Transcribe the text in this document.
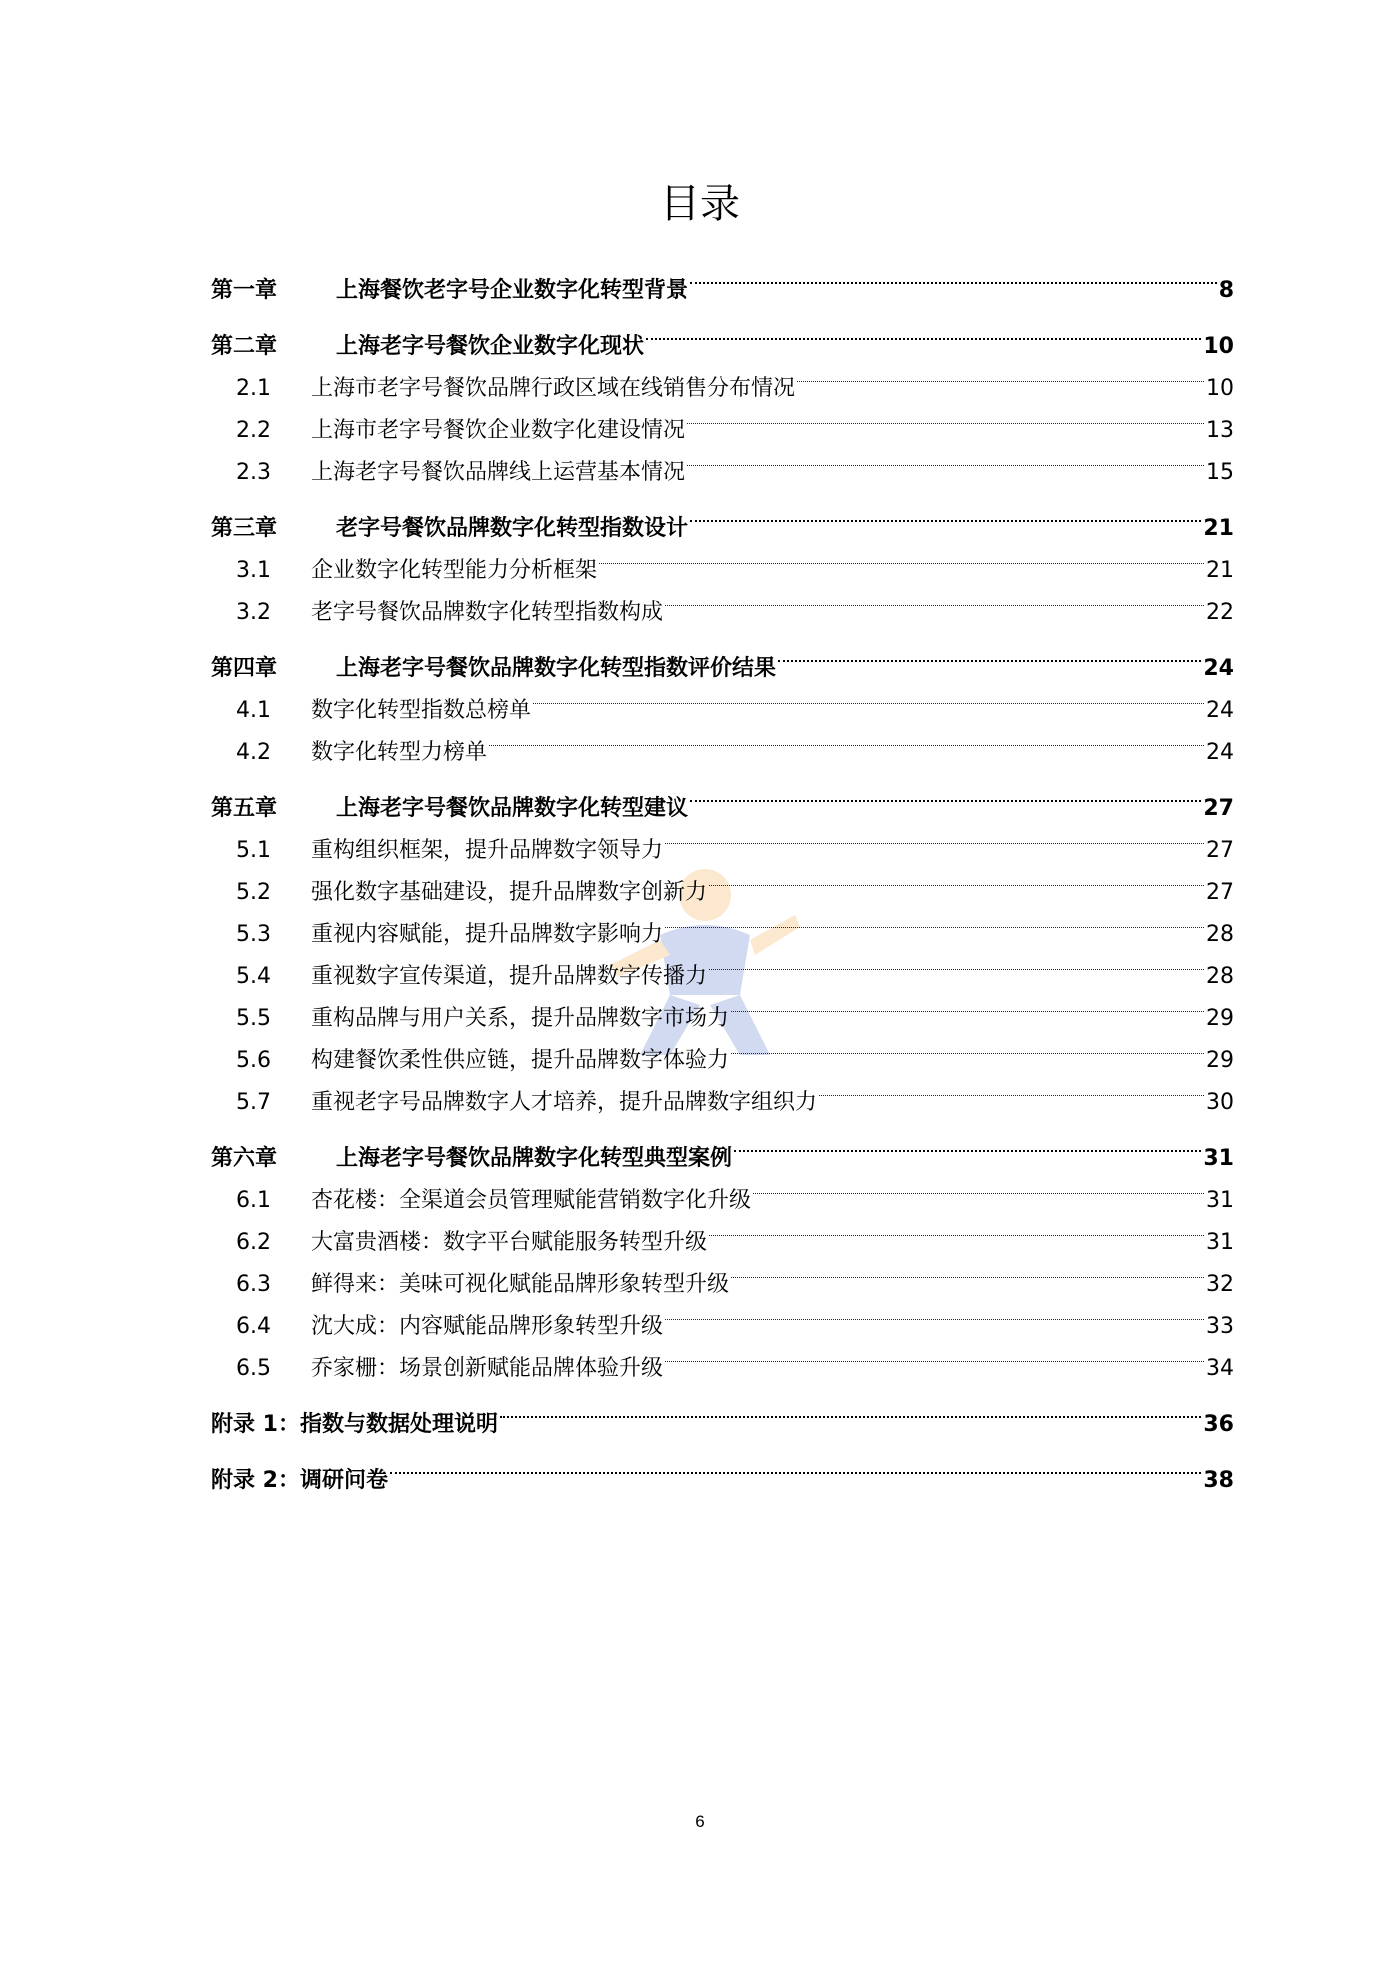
目录
第一章	上海餐饮老字号企业数字化转型背景	8
第二章	上海老字号餐饮企业数字化现状	10
2.1	上海市老字号餐饮品牌行政区域在线销售分布情况	10
2.2	上海市老字号餐饮企业数字化建设情况	13
2.3	上海老字号餐饮品牌线上运营基本情况	15
第三章	老字号餐饮品牌数字化转型指数设计	21
3.1	企业数字化转型能力分析框架	21
3.2	老字号餐饮品牌数字化转型指数构成	22
第四章	上海老字号餐饮品牌数字化转型指数评价结果	24
4.1	数字化转型指数总榜单	24
4.2	数字化转型力榜单	24
第五章	上海老字号餐饮品牌数字化转型建议	27
5.1	重构组织框架，提升品牌数字领导力	27
5.2	强化数字基础建设，提升品牌数字创新力	27
5.3	重视内容赋能，提升品牌数字影响力	28
5.4	重视数字宣传渠道，提升品牌数字传播力	28
5.5	重构品牌与用户关系，提升品牌数字市场力	29
5.6	构建餐饮柔性供应链，提升品牌数字体验力	29
5.7	重视老字号品牌数字人才培养，提升品牌数字组织力	30
第六章	上海老字号餐饮品牌数字化转型典型案例	31
6.1	杏花楼：全渠道会员管理赋能营销数字化升级	31
6.2	大富贵酒楼：数字平台赋能服务转型升级	31
6.3	鲜得来：美味可视化赋能品牌形象转型升级	32
6.4	沈大成：内容赋能品牌形象转型升级	33
6.5	乔家栅：场景创新赋能品牌体验升级	34
附录 1：指数与数据处理说明	36
附录 2：调研问卷	38
6
